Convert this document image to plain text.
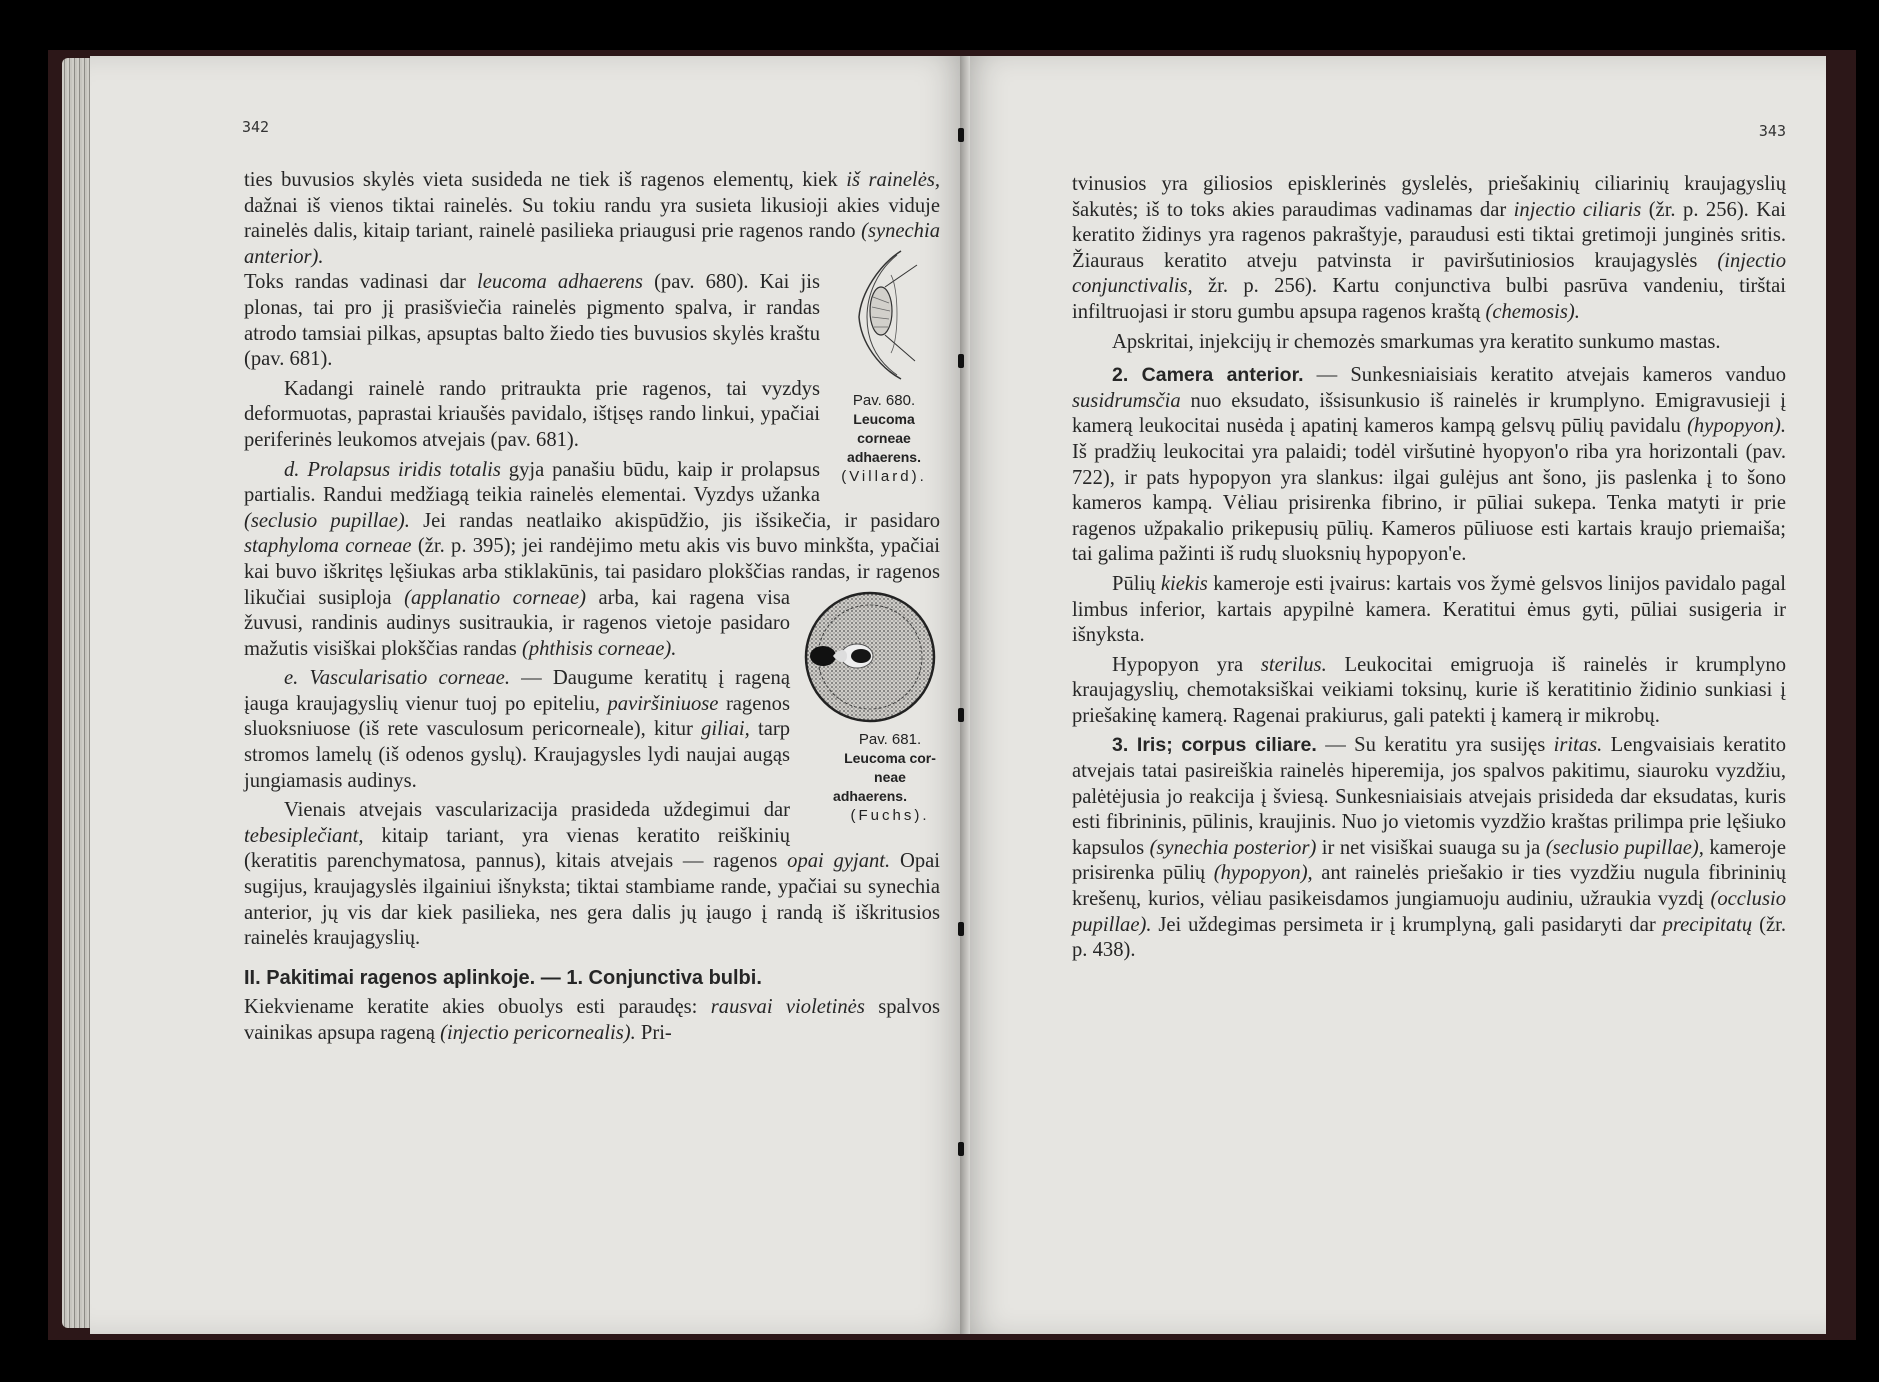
342

ties buvusios skylės vieta susideda ne tiek iš ragenos elementų, kiek iš rainelės, dažnai iš vienos tiktai rainelės. Su tokiu randu yra susieta likusioji akies viduje rainelės dalis, kitaip tariant, rainelė pasilieka priaugusi prie ragenos rando (synechia anterior).

Pav. 680.
Leucoma
corneae
adhaerens.
(Villard).

Toks randas vadinasi dar leucoma adhaerens (pav. 680). Kai jis plonas, tai pro jį prasišviečia rainelės pigmento spalva, ir randas atrodo tamsiai pilkas, apsuptas balto žiedo ties buvusios skylės kraštu (pav. 681).

Kadangi rainelė rando pritraukta prie ragenos, tai vyzdys deformuotas, paprastai kriaušės pavidalo, ištįsęs rando linkui, ypačiai periferinės leukomos atvejais (pav. 681).

d. Prolapsus iridis totalis gyja panašiu būdu, kaip ir prolapsus partialis. Randui medžiagą teikia rainelės elementai. Vyzdys užanka (seclusio pupillae). Jei randas neatlaiko akispūdžio, jis išsikečia, ir pasidaro staphyloma corneae (žr. p. 395); jei randėjimo metu akis vis buvo minkšta, ypačiai kai buvo iškritęs lęšiukas arba stiklakūnis, tai pasidaro plokščias randas, ir ragenos likučiai susiploja (applanatio corneae)
Pav. 681.
Leucoma cor-
neae adhaerens.
(Fuchs).
arba, kai ragena visa žuvusi, randinis audinys susitraukia, ir ragenos vietoje pasidaro mažutis visiškai plokščias randas (phthisis corneae).

e. Vascularisatio corneae. — Daugume keratitų į rageną įauga kraujagyslių vienur tuoj po epiteliu, paviršiniuose ragenos sluoksniuose (iš rete vasculosum pericorneale), kitur giliai, tarp stromos lamelų (iš odenos gyslų). Kraujagysles lydi naujai augąs jungiamasis audinys.

Vienais atvejais vascularizacija prasideda uždegimui dar tebesiplečiant, kitaip tariant, yra vienas keratito reiškinių (keratitis parenchymatosa, pannus), kitais atvejais — ragenos opai gyjant. Opai sugijus, kraujagyslės ilgainiui išnyksta; tiktai stambiame rande, ypačiai su synechia anterior, jų vis dar kiek pasilieka, nes gera dalis jų įaugo į randą iš iškritusios rainelės kraujagyslių.

II. Pakitimai ragenos aplinkoje. — 1. Conjunctiva bulbi.

Kiekviename keratite akies obuolys esti paraudęs: rausvai violetinės spalvos vainikas apsupa rageną (injectio pericornealis). Pri-

343

tvinusios yra giliosios episklerinės gyslelės, priešakinių ciliarinių kraujagyslių šakutės; iš to toks akies paraudimas vadinamas dar injectio ciliaris (žr. p. 256). Kai keratito židinys yra ragenos pakraštyje, paraudusi esti tiktai gretimoji junginės sritis. Žiauraus keratito atveju patvinsta ir paviršutiniosios kraujagyslės (injectio conjunctivalis, žr. p. 256). Kartu conjunctiva bulbi pasrūva vandeniu, tirštai infiltruojasi ir storu gumbu apsupa ragenos kraštą (chemosis).

Apskritai, injekcijų ir chemozės smarkumas yra keratito sunkumo mastas.

2. Camera anterior. — Sunkesniaisiais keratito atvejais kameros vanduo susidrumsčia nuo eksudato, išsisunkusio iš rainelės ir krumplyno. Emigravusieji į kamerą leukocitai nusėda į apatinį kameros kampą gelsvų pūlių pavidalu (hypopyon). Iš pradžių leukocitai yra palaidi; todėl viršutinė hyopyon'o riba yra horizontali (pav. 722), ir pats hypopyon yra slankus: ilgai gulėjus ant šono, jis paslenka į to šono kameros kampą. Vėliau prisirenka fibrino, ir pūliai sukepa. Tenka matyti ir prie ragenos užpakalio prikepusių pūlių. Kameros pūliuose esti kartais kraujo priemaiša; tai galima pažinti iš rudų sluoksnių hypopyon'e.

Pūlių kiekis kameroje esti įvairus: kartais vos žymė gelsvos linijos pavidalo pagal limbus inferior, kartais apypilnė kamera. Keratitui ėmus gyti, pūliai susigeria ir išnyksta.

Hypopyon yra sterilus. Leukocitai emigruoja iš rainelės ir krumplyno kraujagyslių, chemotaksiškai veikiami toksinų, kurie iš keratitinio židinio sunkiasi į priešakinę kamerą. Ragenai prakiurus, gali patekti į kamerą ir mikrobų.

3. Iris; corpus ciliare. — Su keratitu yra susijęs iritas. Lengvaisiais keratito atvejais tatai pasireiškia rainelės hiperemija, jos spalvos pakitimu, siauroku vyzdžiu, palėtėjusia jo reakcija į šviesą. Sunkesniaisiais atvejais prisideda dar eksudatas, kuris esti fibrininis, pūlinis, kraujinis. Nuo jo vietomis vyzdžio kraštas prilimpa prie lęšiuko kapsulos (synechia posterior) ir net visiškai suauga su ja (seclusio pupillae), kameroje prisirenka pūlių (hypopyon), ant rainelės priešakio ir ties vyzdžiu nugula fibrininių krešenų, kurios, vėliau pasikeisdamos jungiamuoju audiniu, užraukia vyzdį (occlusio pupillae). Jei uždegimas persimeta ir į krumplyną, gali pasidaryti dar precipitatų (žr. p. 438).
